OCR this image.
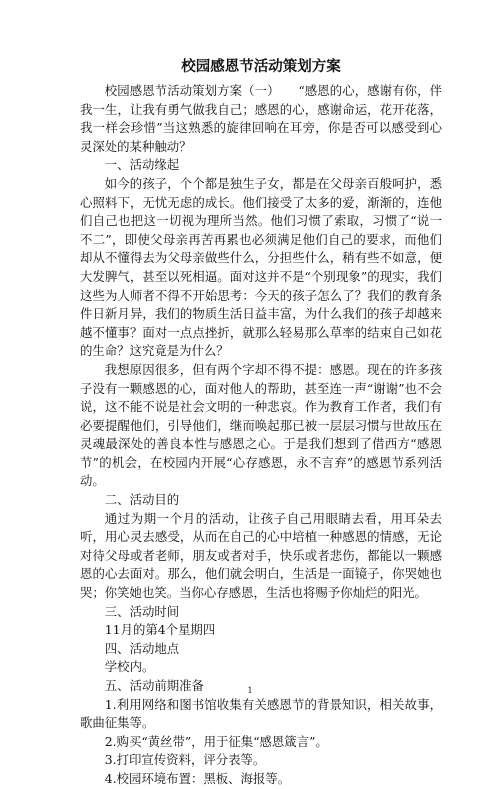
校园感恩节活动策划方案

校园感恩节活动策划方案（一）　　“感恩的心，感谢有你，伴我一生，让我有勇气做我自己；感恩的心，感谢命运，花开花落，我一样会珍惜”当这熟悉的旋律回响在耳旁，你是否可以感受到心灵深处的某种触动？

一、活动缘起

如今的孩子，个个都是独生子女，都是在父母亲百般呵护，悉心照料下，无忧无虑的成长。他们接受了太多的爱，渐渐的，连他们自己也把这一切视为理所当然。他们习惯了索取，习惯了“说一不二”，即使父母亲再苦再累也必须满足他们自己的要求，而他们却从不懂得去为父母亲做些什么，分担些什么，稍有些不如意，便大发脾气，甚至以死相逼。面对这并不是“个别现象”的现实，我们这些为人师者不得不开始思考：今天的孩子怎么了？我们的教育条件日新月异，我们的物质生活日益丰富，为什么我们的孩子却越来越不懂事？面对一点点挫折，就那么轻易那么草率的结束自己如花的生命？这究竟是为什么？

我想原因很多，但有两个字却不得不提：感恩。现在的许多孩子没有一颗感恩的心，面对他人的帮助，甚至连一声“谢谢”也不会说，这不能不说是社会文明的一种悲哀。作为教育工作者，我们有必要提醒他们，引导他们，继而唤起那已被一层层习惯与世故压在灵魂最深处的善良本性与感恩之心。于是我们想到了借西方“感恩节”的机会，在校园内开展“心存感恩，永不言弃”的感恩节系列活动。

二、活动目的

通过为期一个月的活动，让孩子自己用眼睛去看，用耳朵去听，用心灵去感受，从而在自己的心中培植一种感恩的情感，无论对待父母或者老师，朋友或者对手，快乐或者悲伤，都能以一颗感恩的心去面对。那么，他们就会明白，生活是一面镜子，你哭她也哭；你笑她也笑。当你心存感恩，生活也将赐予你灿烂的阳光。

三、活动时间

11月的第4个星期四

四、活动地点

学校内。

五、活动前期准备

1.利用网络和图书馆收集有关感恩节的背景知识，相关故事，歌曲征集等。

2.购买“黄丝带”，用于征集“感恩箴言”。

3.打印宣传资料，评分表等。

4.校园环境布置：黑板、海报等。

1
